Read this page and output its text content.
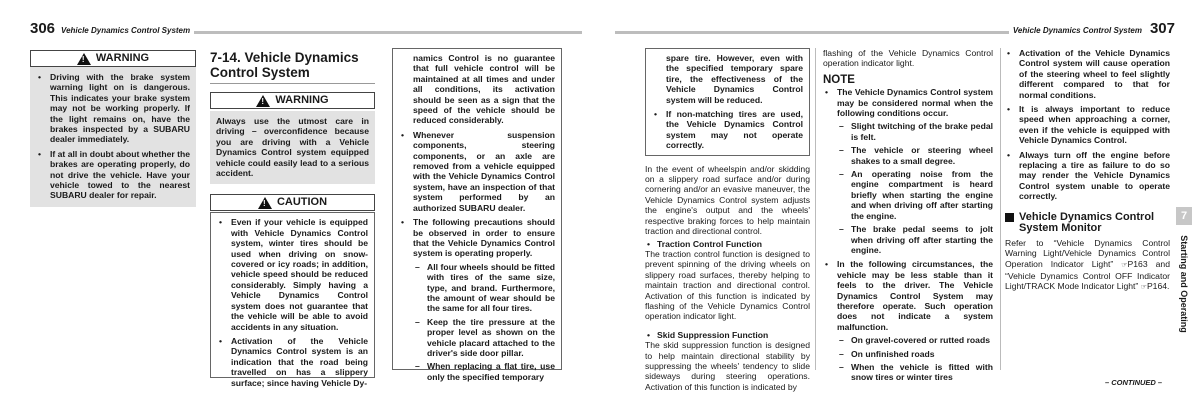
306 Vehicle Dynamics Control System
!
WARNING
• Driving with the brake system warning light on is dangerous. This indicates your brake system may not be working properly. If the light remains on, have the brakes inspected by a SUBARU dealer immediately.
• If at all in doubt about whether the brakes are operating properly, do not drive the vehicle. Have your vehicle towed to the nearest SUBARU dealer for repair.
7-14. Vehicle Dynamics Control System
!
WARNING
Always use the utmost care in driving – overconfidence because you are driving with a Vehicle Dynamics Control system equipped vehicle could easily lead to a serious accident.
!
CAUTION
• Even if your vehicle is equipped with Vehicle Dynamics Control system, winter tires should be used when driving on snow-covered or icy roads; in addition, vehicle speed should be reduced considerably. Simply having a Vehicle Dynamics Control system does not guarantee that the vehicle will be able to avoid accidents in any situation.
• Activation of the Vehicle Dynamics Control system is an indication that the road being travelled on has a slippery surface; since having Vehicle Dy-
namics Control is no guarantee that full vehicle control will be maintained at all times and under all conditions, its activation should be seen as a sign that the speed of the vehicle should be reduced considerably.
• Whenever suspension components, steering components, or an axle are removed from a vehicle equipped with the Vehicle Dynamics Control system, have an inspection of that system performed by an authorized SUBARU dealer.
• The following precautions should be observed in order to ensure that the Vehicle Dynamics Control system is operating properly.
– All four wheels should be fitted with tires of the same size, type, and brand. Furthermore, the amount of wear should be the same for all four tires.
– Keep the tire pressure at the proper level as shown on the vehicle placard attached to the driver's side door pillar.
– When replacing a flat tire, use only the specified temporary
Vehicle Dynamics Control System 307
spare tire. However, even with the specified temporary spare tire, the effectiveness of the Vehicle Dynamics Control system will be reduced.
• If non-matching tires are used, the Vehicle Dynamics Control system may not operate correctly.
In the event of wheelspin and/or skidding on a slippery road surface and/or during cornering and/or an evasive maneuver, the Vehicle Dynamics Control system adjusts the engine's output and the wheels' respective braking forces to help maintain traction and directional control.
• Traction Control Function
The traction control function is designed to prevent spinning of the driving wheels on slippery road surfaces, thereby helping to maintain traction and directional control. Activation of this function is indicated by flashing of the Vehicle Dynamics Control operation indicator light.
• Skid Suppression Function
The skid suppression function is designed to help maintain directional stability by suppressing the wheels' tendency to slide sideways during steering operations. Activation of this function is indicated by
flashing of the Vehicle Dynamics Control operation indicator light.
NOTE
• The Vehicle Dynamics Control system may be considered normal when the following conditions occur.
– Slight twitching of the brake pedal is felt.
– The vehicle or steering wheel shakes to a small degree.
– An operating noise from the engine compartment is heard briefly when starting the engine and when driving off after starting the engine.
– The brake pedal seems to jolt when driving off after starting the engine.
• In the following circumstances, the vehicle may be less stable than it feels to the driver. The Vehicle Dynamics Control System may therefore operate. Such operation does not indicate a system malfunction.
– On gravel-covered or rutted roads
– On unfinished roads
– When the vehicle is fitted with snow tires or winter tires
• Activation of the Vehicle Dynamics Control system will cause operation of the steering wheel to feel slightly different compared to that for normal conditions.
• It is always important to reduce speed when approaching a corner, even if the vehicle is equipped with Vehicle Dynamics Control.
• Always turn off the engine before replacing a tire as failure to do so may render the Vehicle Dynamics Control system unable to operate correctly.
Vehicle Dynamics Control System Monitor
Refer to “Vehicle Dynamics Control Warning Light/Vehicle Dynamics Control Operation Indicator Light” ☞P163 and “Vehicle Dynamics Control OFF Indicator Light/TRACK Mode Indicator Light” ☞P164.
7
Starting and Operating
– CONTINUED –
